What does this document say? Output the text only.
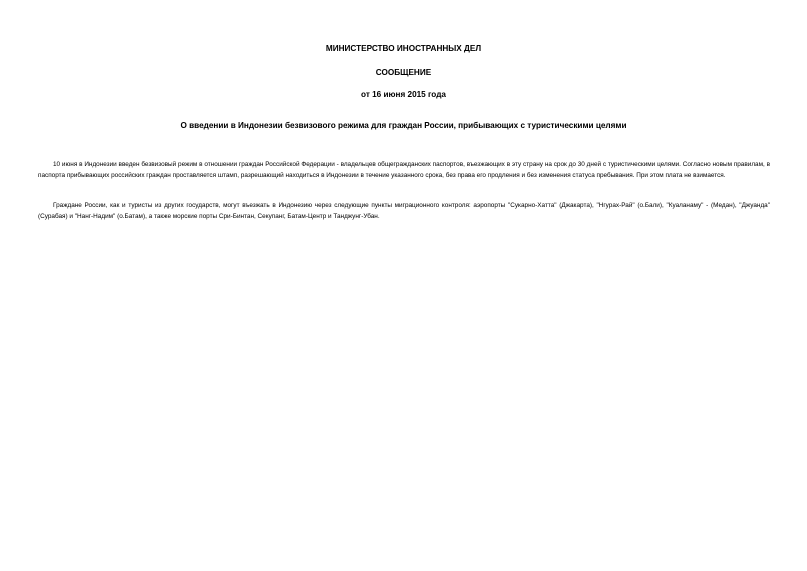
МИНИСТЕРСТВО ИНОСТРАННЫХ ДЕЛ

СООБЩЕНИЕ

от 16 июня 2015 года

О введении в Индонезии безвизового режима для граждан России, прибывающих с туристическими целями

10 июня в Индонезии введен безвизовый режим в отношении граждан Российской Федерации - владельцев общегражданских паспортов, въезжающих в эту страну на срок до 30 дней с туристическими целями. Согласно новым правилам, в паспорта прибывающих российских граждан проставляется штамп, разрешающий находиться в Индонезии в течение указанного срока, без права его продления и без изменения статуса пребывания. При этом плата не взимается.

Граждане России, как и туристы из других государств, могут въезжать в Индонезию через следующие пункты миграционного контроля: аэропорты "Сукарно-Хатта" (Джакарта), "Нгурах-Рай" (о.Бали), "Куаланаму" - (Медан), "Джуанда" (Сурабая) и "Нанг-Надим" (о.Батам), а также морские порты Сри-Бинтан, Секупанг, Батам-Центр и Танджунг-Убан.
